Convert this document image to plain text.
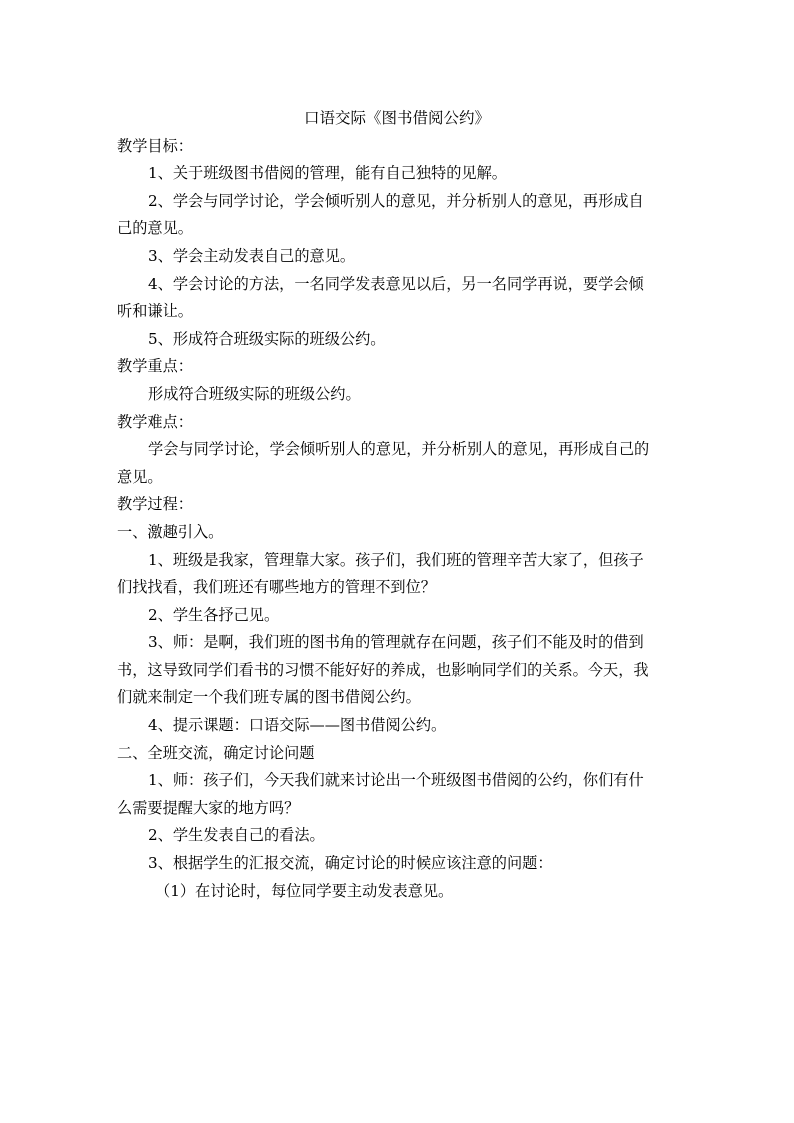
口语交际《图书借阅公约》
教学目标：
1、关于班级图书借阅的管理，能有自己独特的见解。
2、学会与同学讨论，学会倾听别人的意见，并分析别人的意见，再形成自
己的意见。
3、学会主动发表自己的意见。
4、学会讨论的方法，一名同学发表意见以后，另一名同学再说，要学会倾
听和谦让。
5、形成符合班级实际的班级公约。
教学重点：
形成符合班级实际的班级公约。
教学难点：
学会与同学讨论，学会倾听别人的意见，并分析别人的意见，再形成自己的
意见。
教学过程：
一、激趣引入。
1、班级是我家，管理靠大家。孩子们，我们班的管理辛苦大家了，但孩子
们找找看，我们班还有哪些地方的管理不到位？
2、学生各抒己见。
3、师：是啊，我们班的图书角的管理就存在问题，孩子们不能及时的借到
书，这导致同学们看书的习惯不能好好的养成，也影响同学们的关系。今天，我
们就来制定一个我们班专属的图书借阅公约。
4、提示课题：口语交际——图书借阅公约。
二、全班交流，确定讨论问题
1、师：孩子们，今天我们就来讨论出一个班级图书借阅的公约，你们有什
么需要提醒大家的地方吗？
2、学生发表自己的看法。
3、根据学生的汇报交流，确定讨论的时候应该注意的问题：
（1）在讨论时，每位同学要主动发表意见。
